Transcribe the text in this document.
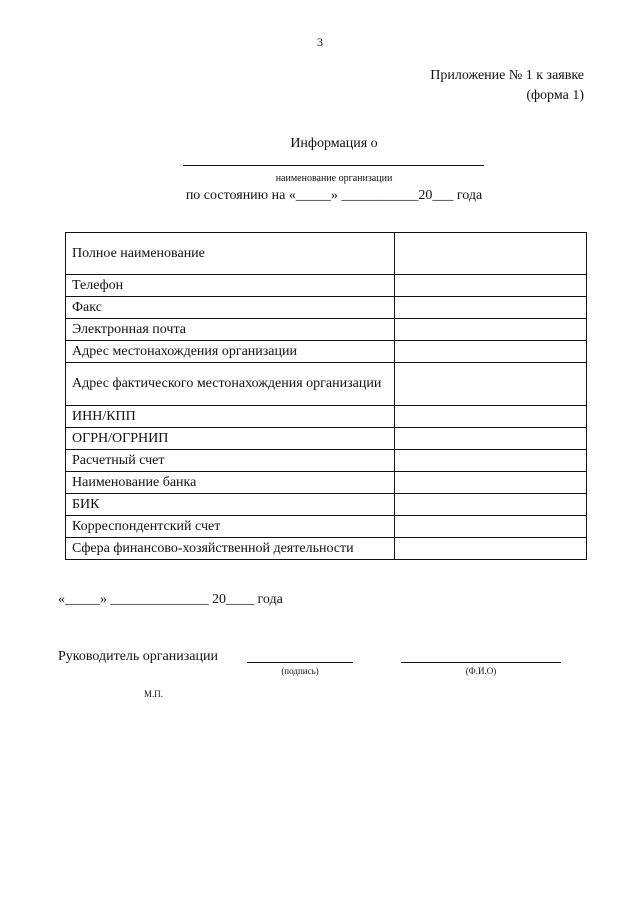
3
Приложение № 1 к заявке
(форма 1)
Информация о
наименование организации
по состоянию на «_____» ___________20___ года
Полное наименование	
Телефон	
Факс	
Электронная почта	
Адрес местонахождения организации	
Адрес фактического местонахождения организации	
ИНН/КПП	
ОГРН/ОГРНИП	
Расчетный счет	
Наименование банка	
БИК	
Корреспондентский счет	
Сфера финансово-хозяйственной деятельности	
«_____» ______________ 20____ года
Руководитель организации
(подпись)	(Ф.И.О)
М.П.
